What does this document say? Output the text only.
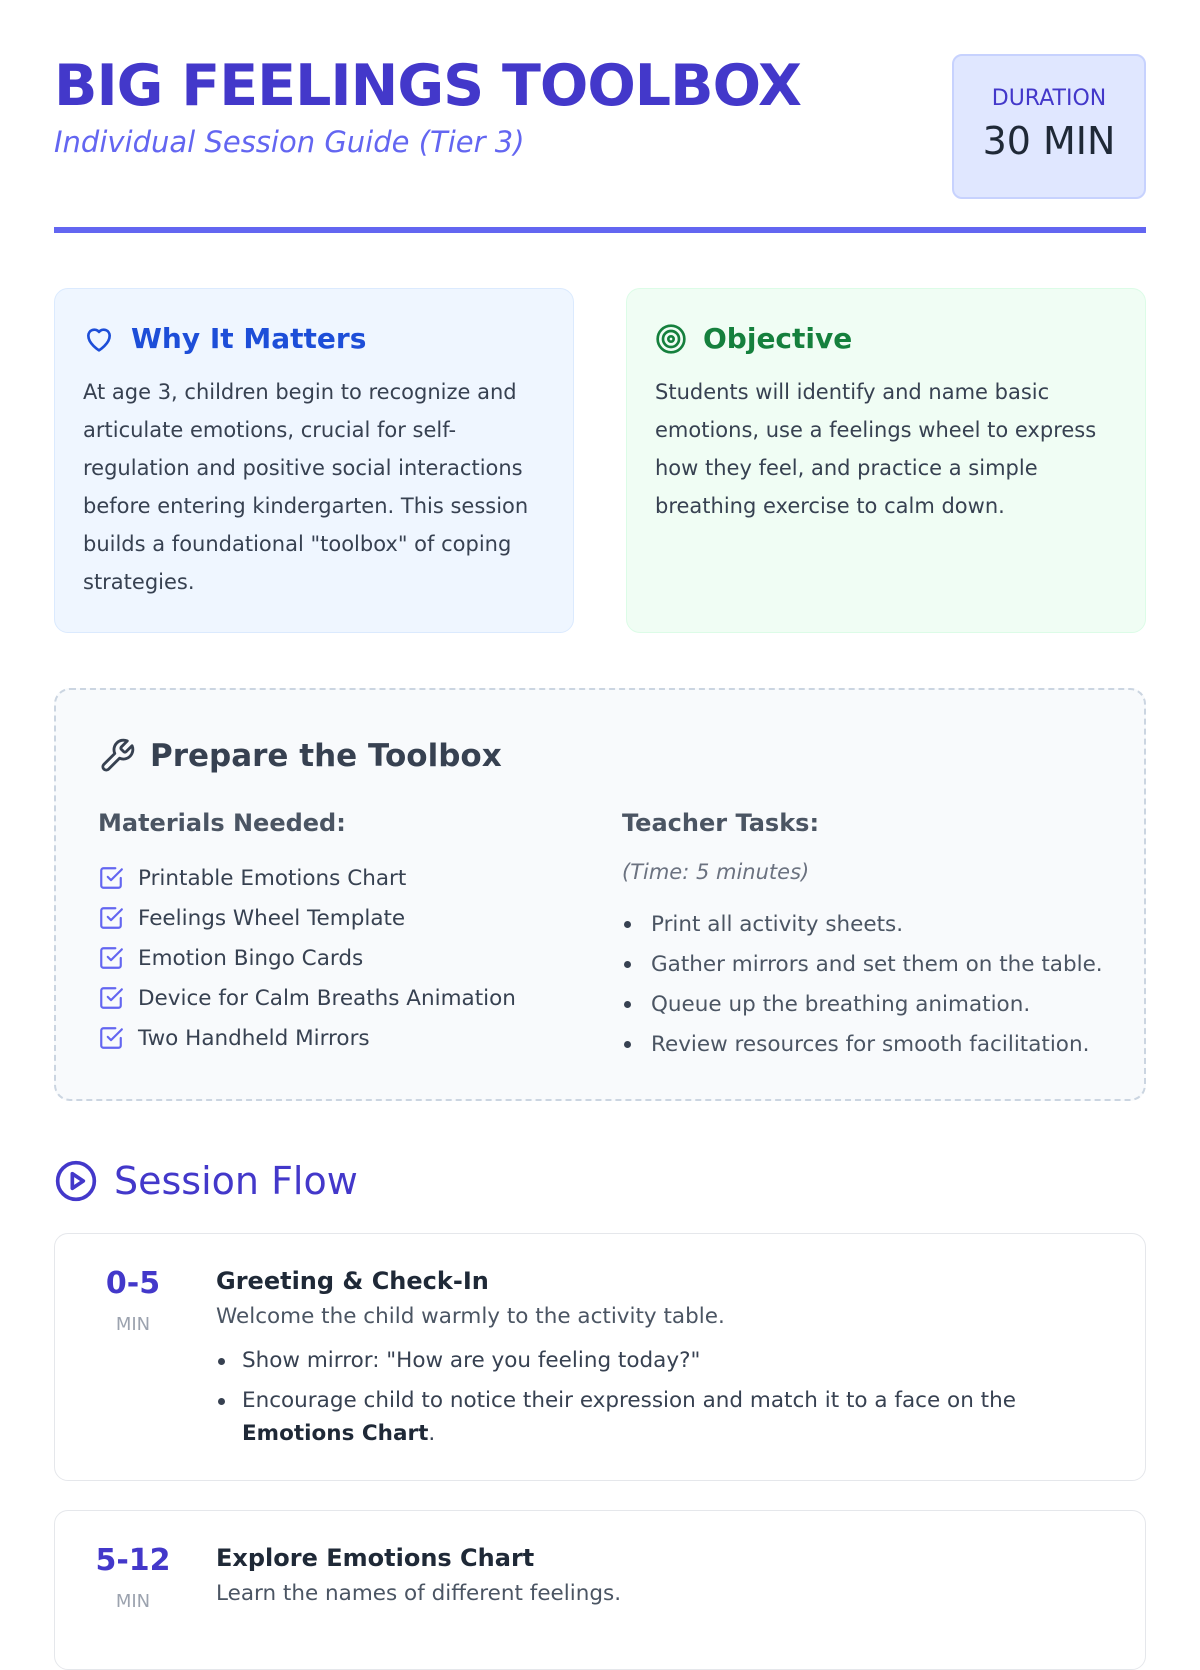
BIG FEELINGS TOOLBOX

Individual Session Guide (Tier 3)

DURATION
30 MIN
Why It Matters

At age 3, children begin to recognize and articulate emotions, crucial for self-regulation and positive social interactions before entering kindergarten. This session builds a foundational "toolbox" of coping strategies.

Objective

Students will identify and name basic emotions, use a feelings wheel to express how they feel, and practice a simple breathing exercise to calm down.

Prepare the Toolbox
Materials Needed:
Printable Emotions Chart
Feelings Wheel Template
Emotion Bingo Cards
Device for Calm Breaths Animation
Two Handheld Mirrors
Teacher Tasks:

(Time: 5 minutes)

Print all activity sheets.
Gather mirrors and set them on the table.
Queue up the breathing animation.
Review resources for smooth facilitation.
Session Flow
0-5
MIN
Greeting & Check-In

Welcome the child warmly to the activity table.

Show mirror: "How are you feeling today?"
Encourage child to notice their expression and match it to a face on the Emotions Chart.
5-12
MIN
Explore Emotions Chart

Learn the names of different feelings.
